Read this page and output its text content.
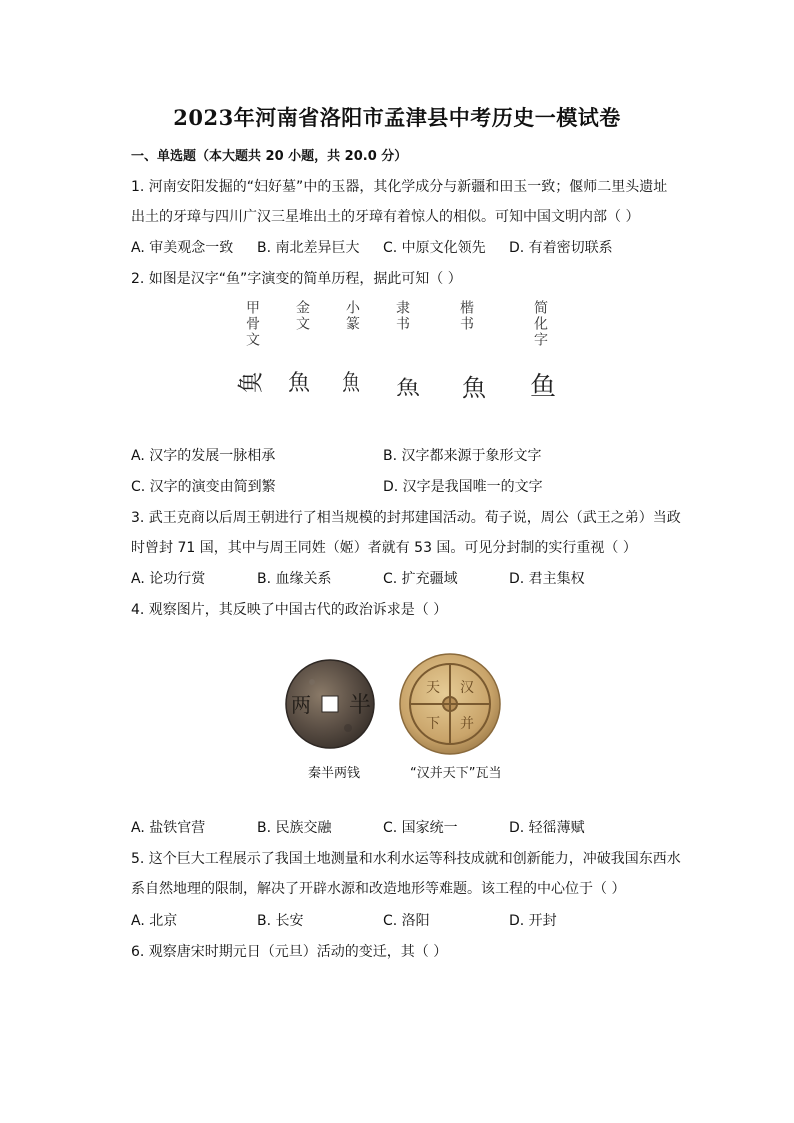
2023年河南省洛阳市孟津县中考历史一模试卷
一、单选题（本大题共 20 小题，共 20.0 分）
1. 河南安阳发掘的“妇好墓”中的玉器，其化学成分与新疆和田玉一致；偃师二里头遗址
出土的牙璋与四川广汉三星堆出土的牙璋有着惊人的相似。可知中国文明内部（ ）
A. 审美观念一致 B. 南北差异巨大 C. 中原文化领先 D. 有着密切联系
2. 如图是汉字“鱼”字演变的简单历程，据此可知（ ）
甲骨文 金文 小篆 隶书	楷书	简化字
𩵋 魚 魚 魚 魚 鱼
A. 汉字的发展一脉相承	B. 汉字都来源于象形文字
C. 汉字的演变由简到繁	D. 汉字是我国唯一的文字
3. 武王克商以后周王朝进行了相当规模的封邦建国活动。荀子说，周公（武王之弟）当政
时曾封 71 国，其中与周王同姓（姬）者就有 53 国。可见分封制的实行重视（ ）
A. 论功行赏	B. 血缘关系	C. 扩充疆域	D. 君主集权
4. 观察图片，其反映了中国古代的政治诉求是（ ）
半
两
汉
并
天
下
秦半两钱	“汉并天下”瓦当
A. 盐铁官营	B. 民族交融	C. 国家统一	D. 轻徭薄赋
5. 这个巨大工程展示了我国土地测量和水利水运等科技成就和创新能力，冲破我国东西水
系自然地理的限制，解决了开辟水源和改造地形等难题。该工程的中心位于（ ）
A. 北京	B. 长安	C. 洛阳	D. 开封
6. 观察唐宋时期元日（元旦）活动的变迁，其（ ）
